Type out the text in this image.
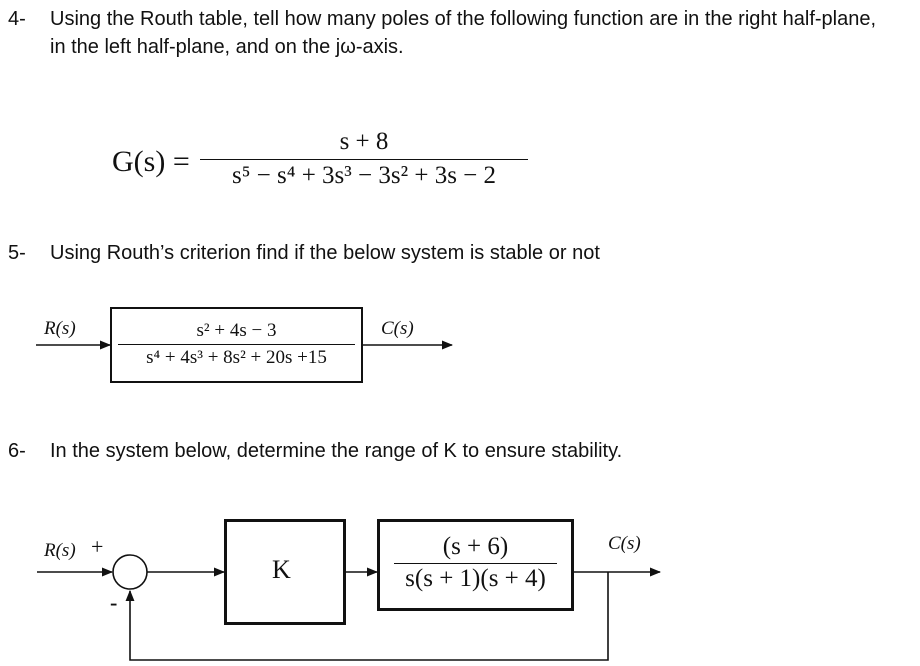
4- Using the Routh table, tell how many poles of the following function are in the right half-plane,
in the left half-plane, and on the jω-axis.
G(s) =
s + 8
s⁵ − s⁴ + 3s³ − 3s² + 3s − 2
5- Using Routh’s criterion find if the below system is stable or not
6- In the system below, determine the range of K to ensure stability.
R(s)	s² + 4s − 3
s⁴ + 4s³ + 8s² + 20s +15
C(s)
R(s) +
-
K
(s + 6)
s(s + 1)(s + 4)
C(s)
